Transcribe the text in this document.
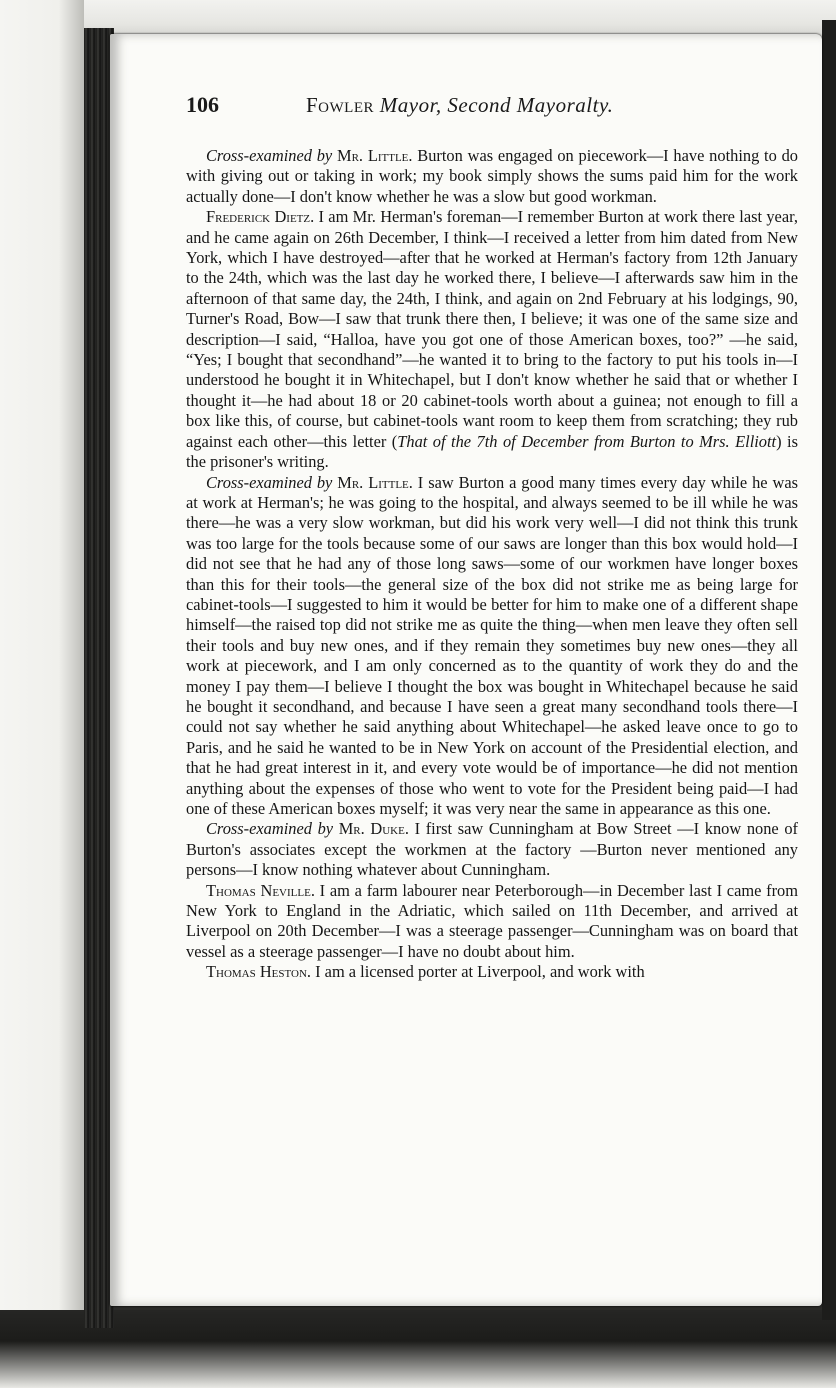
106	Fowler Mayor, Second Mayoralty.

Cross-examined by Mr. Little. Burton was engaged on piecework—I have nothing to do with giving out or taking in work; my book simply shows the sums paid him for the work actually done—I don't know whether he was a slow but good workman.

Frederick Dietz. I am Mr. Herman's foreman—I remember Burton at work there last year, and he came again on 26th December, I think—I received a letter from him dated from New York, which I have destroyed—after that he worked at Herman's factory from 12th January to the 24th, which was the last day he worked there, I believe—I afterwards saw him in the afternoon of that same day, the 24th, I think, and again on 2nd February at his lodgings, 90, Turner's Road, Bow—I saw that trunk there then, I believe; it was one of the same size and description—I said, “Halloa, have you got one of those American boxes, too?” —he said, “Yes; I bought that secondhand”—he wanted it to bring to the factory to put his tools in—I understood he bought it in Whitechapel, but I don't know whether he said that or whether I thought it—he had about 18 or 20 cabinet-tools worth about a guinea; not enough to fill a box like this, of course, but cabinet-tools want room to keep them from scratching; they rub against each other—this letter (That of the 7th of December from Burton to Mrs. Elliott) is the prisoner's writing.

Cross-examined by Mr. Little. I saw Burton a good many times every day while he was at work at Herman's; he was going to the hospital, and always seemed to be ill while he was there—he was a very slow workman, but did his work very well—I did not think this trunk was too large for the tools because some of our saws are longer than this box would hold—I did not see that he had any of those long saws—some of our workmen have longer boxes than this for their tools—the general size of the box did not strike me as being large for cabinet-tools—I suggested to him it would be better for him to make one of a different shape himself—the raised top did not strike me as quite the thing—when men leave they often sell their tools and buy new ones, and if they remain they sometimes buy new ones—they all work at piecework, and I am only concerned as to the quantity of work they do and the money I pay them—I believe I thought the box was bought in Whitechapel because he said he bought it secondhand, and because I have seen a great many secondhand tools there—I could not say whether he said anything about Whitechapel—he asked leave once to go to Paris, and he said he wanted to be in New York on account of the Presidential election, and that he had great interest in it, and every vote would be of importance—he did not mention anything about the expenses of those who went to vote for the President being paid—I had one of these American boxes myself; it was very near the same in appearance as this one.

Cross-examined by Mr. Duke. I first saw Cunningham at Bow Street —I know none of Burton's associates except the workmen at the factory —Burton never mentioned any persons—I know nothing whatever about Cunningham.

Thomas Neville. I am a farm labourer near Peterborough—in December last I came from New York to England in the Adriatic, which sailed on 11th December, and arrived at Liverpool on 20th December—I was a steerage passenger—Cunningham was on board that vessel as a steerage passenger—I have no doubt about him.

Thomas Heston. I am a licensed porter at Liverpool, and work with
